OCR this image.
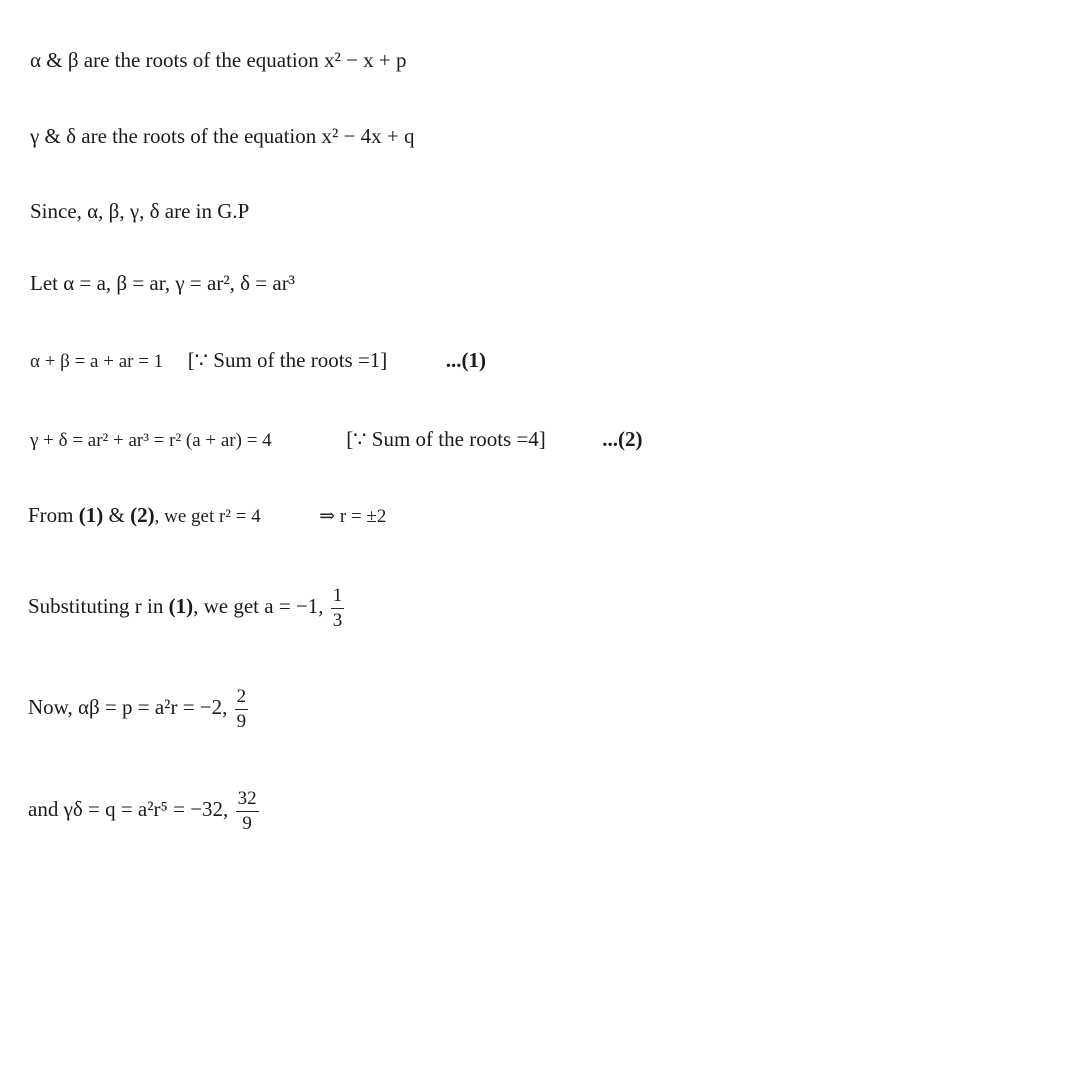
α & β are the roots of the equation x² − x + p
γ & δ are the roots of the equation x² − 4x + q
Since, α, β, γ, δ are in G.P
Let α = a, β = ar, γ = ar², δ = ar³
α + β = a + ar = 1 [∵ Sum of the roots =1]	...(1)
γ + δ = ar² + ar³ = r² (a + ar) = 4	[∵ Sum of the roots =4]	...(2)
From (1) & (2), we get r² = 4	⇒ r = ±2
Substituting r in (1), we get a = −1, $\frac{1}{3}$
Now, αβ = p = a²r = −2, $\frac{2}{9}$
and γδ = q = a²r⁵ = −32, $\frac{32}{9}$
